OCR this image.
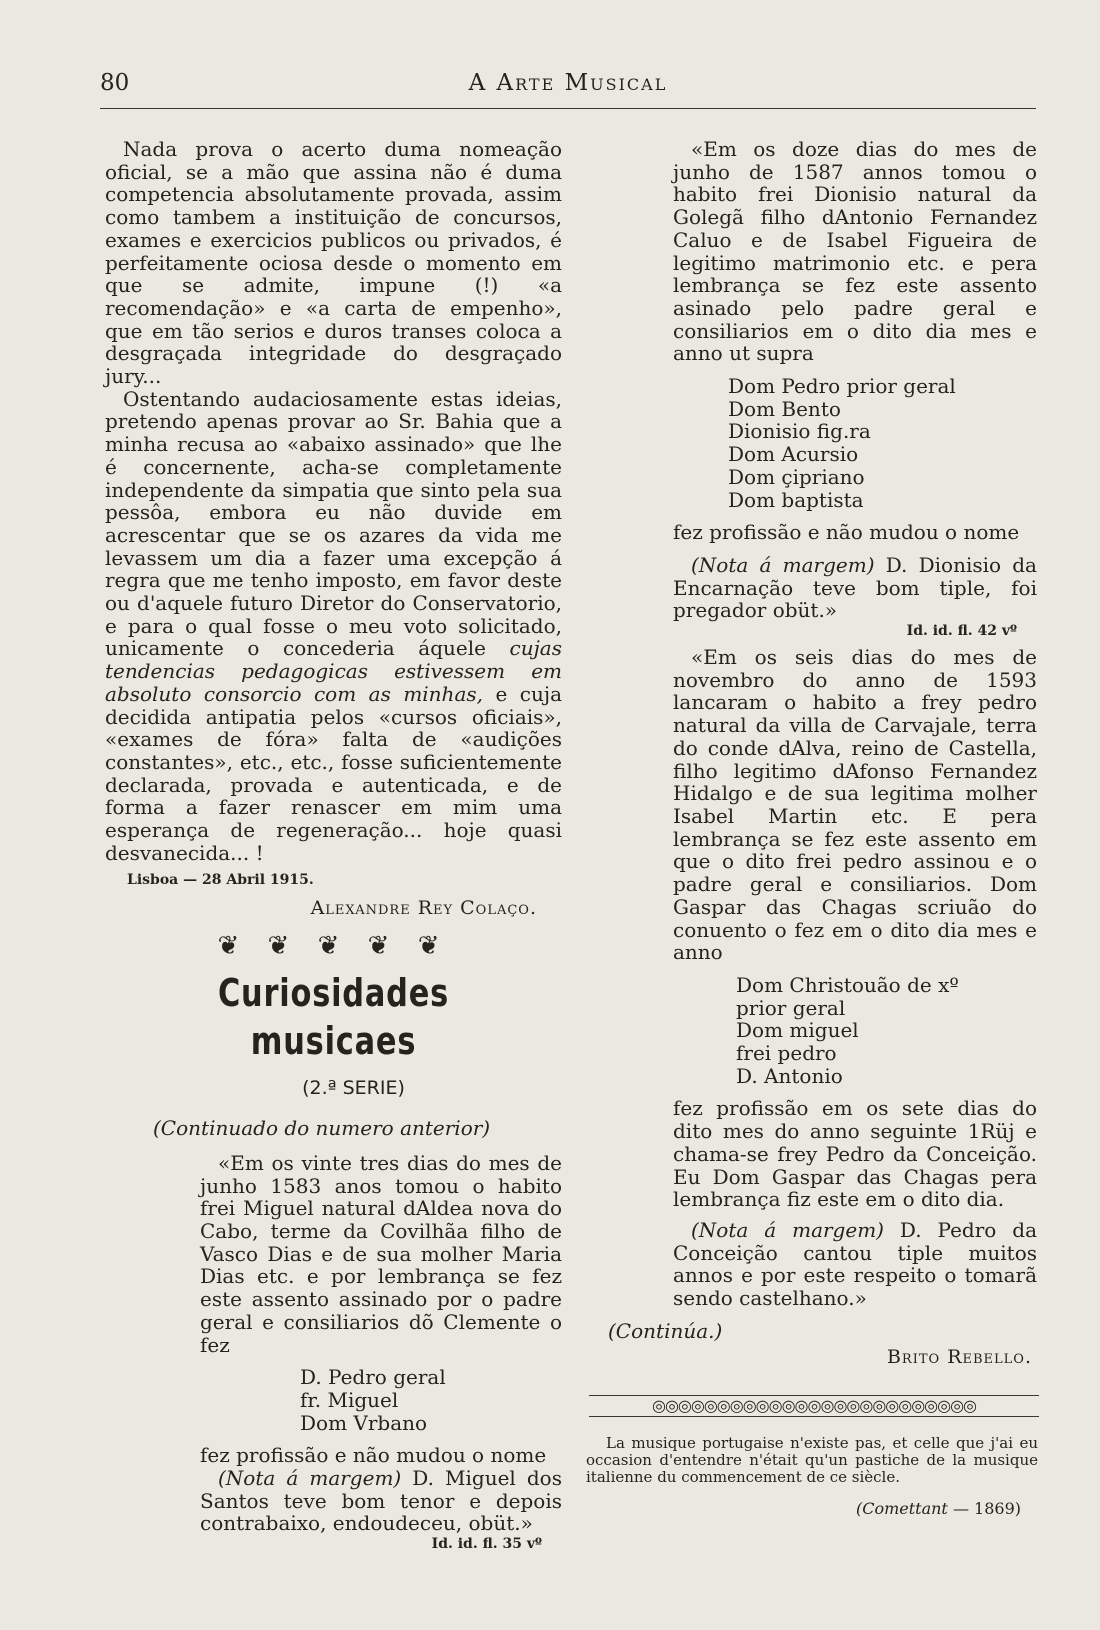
80	A Arte Musical

Nada prova o acerto duma nomeação oficial, se a mão que assina não é duma competencia absolutamente provada, assim como tambem a instituição de concursos, exames e exercicios publicos ou privados, é perfeitamente ociosa desde o momento em que se admite, impune (!) «a recomendação» e «a carta de empenho», que em tão serios e duros transes coloca a desgraçada integridade do desgraçado jury...

Ostentando audaciosamente estas ideias, pretendo apenas provar ao Sr. Bahia que a minha recusa ao «abaixo assinado» que lhe é concernente, acha-se completamente independente da simpatia que sinto pela sua pessôa, embora eu não duvide em acrescentar que se os azares da vida me levassem um dia a fazer uma excepção á regra que me tenho imposto, em favor deste ou d'aquele futuro Diretor do Conservatorio, e para o qual fosse o meu voto solicitado, unicamente o concederia áquele cujas tendencias pedagogicas estivessem em absoluto consorcio com as minhas, e cuja decidida antipatia pelos «cursos oficiais», «exames de fóra» falta de «audições constantes», etc., etc., fosse suficientemente declarada, provada e autenticada, e de forma a fazer renascer em mim uma esperança de regeneração... hoje quasi desvanecida... !

Lisboa — 28 Abril 1915.
Alexandre Rey Colaço.
❦ ❦ ❦ ❦ ❦
Curiosidades musicaes
(2.ª SERIE)
(Continuado do numero anterior)

«Em os vinte tres dias do mes de junho 1583 anos tomou o habito frei Miguel natural dAldea nova do Cabo, terme da Covilhãa filho de Vasco Dias e de sua molher Maria Dias etc. e por lembrança se fez este assento assinado por o padre geral e consiliarios dõ Clemente o fez

D. Pedro geral
fr. Miguel
Dom Vrbano

fez profissão e não mudou o nome

(Nota á margem) D. Miguel dos Santos teve bom tenor e depois contrabaixo, endoudeceu, obüt.»

Id. id. fl. 35 vº

«Em os doze dias do mes de junho de 1587 annos tomou o habito frei Dionisio natural da Golegã filho dAntonio Fernandez Caluo e de Isabel Figueira de legitimo matrimonio etc. e pera lembrança se fez este assento asinado pelo padre geral e consiliarios em o dito dia mes e anno ut supra

Dom Pedro prior geral
Dom Bento
Dionisio fig.ra
Dom Acursio
Dom çipriano
Dom baptista

fez profissão e não mudou o nome

(Nota á margem) D. Dionisio da Encarnação teve bom tiple, foi pregador obüt.»

Id. id. fl. 42 vº

«Em os seis dias do mes de novembro do anno de 1593 lancaram o habito a frey pedro natural da villa de Carvajale, terra do conde dAlva, reino de Castella, filho legitimo dAfonso Fernandez Hidalgo e de sua legitima molher Isabel Martin etc. E pera lembrança se fez este assento em que o dito frei pedro assinou e o padre geral e consiliarios. Dom Gaspar das Chagas scriuão do conuento o fez em o dito dia mes e anno

Dom Christouão de xº
prior geral
Dom miguel
frei pedro
D. Antonio

fez profissão em os sete dias do dito mes do anno seguinte 1Rüj e chama-se frey Pedro da Conceição. Eu Dom Gaspar das Chagas pera lembrança fiz este em o dito dia.

(Nota á margem) D. Pedro da Conceição cantou tiple muitos annos e por este respeito o tomarã sendo castelhano.»

(Continúa.)
Brito Rebello.
◎◎◎◎◎◎◎◎◎◎◎◎◎◎◎◎◎◎◎◎◎◎◎◎◎

La musique portugaise n'existe pas, et celle que j'ai eu occasion d'entendre n'était qu'un pastiche de la musique italienne du commencement de ce siècle.

(Comettant — 1869)
